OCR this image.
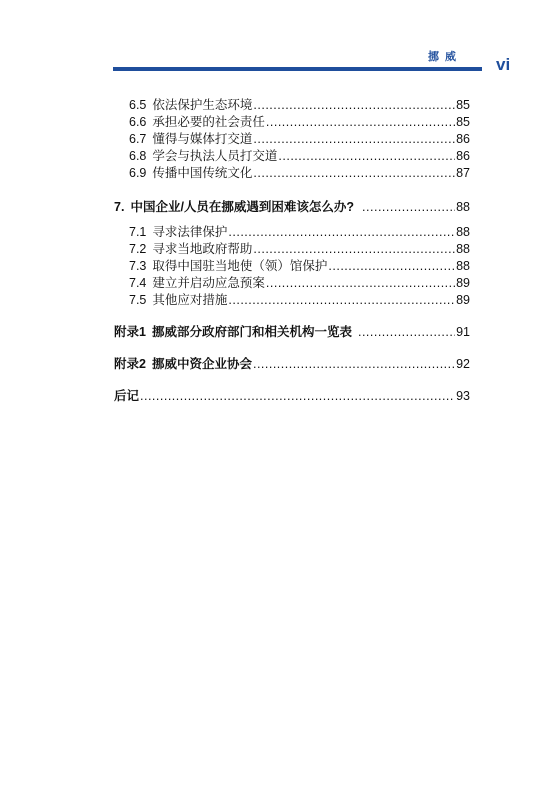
挪威 vi
6.5 依法保护生态环境 .....	85
6.6 承担必要的社会责任 .....	85
6.7 懂得与媒体打交道 .....	86
6.8 学会与执法人员打交道 .....	86
6.9 传播中国传统文化 .....	87
7. 中国企业/人员在挪威遇到困难该怎么办? .....	88
7.1 寻求法律保护 .....	88
7.2 寻求当地政府帮助 .....	88
7.3 取得中国驻当地使（领）馆保护 .....	88
7.4 建立并启动应急预案 .....	89
7.5 其他应对措施 .....	89
附录1 挪威部分政府部门和相关机构一览表 .....	91
附录2 挪威中资企业协会 .....	92
后记 .....	93
